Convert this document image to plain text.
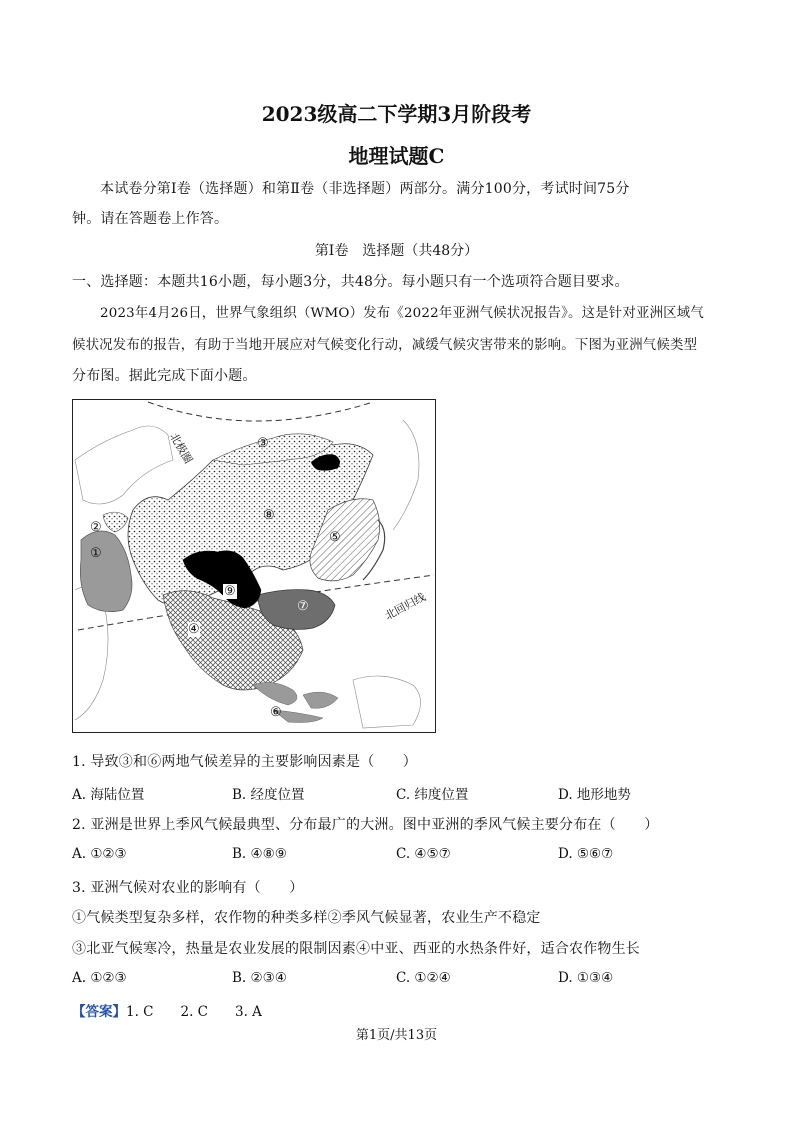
2023级高二下学期3月阶段考
地理试题C
本试卷分第Ⅰ卷（选择题）和第Ⅱ卷（非选择题）两部分。满分100分，考试时间75分
钟。请在答题卷上作答。
第Ⅰ卷　选择题（共48分）
一、选择题：本题共16小题，每小题3分，共48分。每小题只有一个选项符合题目要求。
2023年4月26日，世界气象组织（WMO）发布《2022年亚洲气候状况报告》。这是针对亚洲区域气
候状况发布的报告，有助于当地开展应对气候变化行动，减缓气候灾害带来的影响。下图为亚洲气候类型
分布图。据此完成下面小题。
北极圈
北回归线
③
②
①
⑧
⑤
⑨
⑦
④
⑥
1. 导致③和⑥两地气候差异的主要影响因素是（　　）
A. 海陆位置	B. 经度位置	C. 纬度位置	D. 地形地势
2. 亚洲是世界上季风气候最典型、分布最广的大洲。图中亚洲的季风气候主要分布在（　　）
A. ①②③	B. ④⑧⑨	C. ④⑤⑦	D. ⑤⑥⑦
3. 亚洲气候对农业的影响有（　　）
①气候类型复杂多样，农作物的种类多样②季风气候显著，农业生产不稳定
③北亚气候寒冷，热量是农业发展的限制因素④中亚、西亚的水热条件好，适合农作物生长
A. ①②③	B. ②③④	C. ①②④	D. ①③④
【答案】1. C　　2. C　　3. A
第1页/共13页
